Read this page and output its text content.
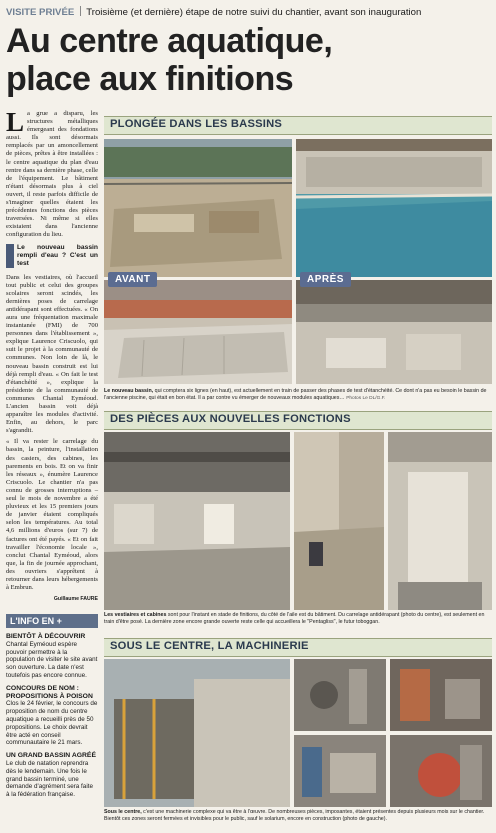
VISITE PRIVÉE Troisième (et dernière) étape de notre suivi du chantier, avant son inauguration
Au centre aquatique,
place aux finitions

La grue a disparu, les structures métalliques émergeant des fondations aussi. Ils sont désormais remplacés par un amoncellement de pièces, prêtes à être installées : le centre aquatique du plan d'eau rentre dans sa dernière phase, celle de l'équipement. Le bâtiment n'étant désormais plus à ciel ouvert, il reste parfois difficile de s'imaginer quelles étaient les précédentes fonctions des pièces traversées. Ni même si elles existaient dans l'ancienne configuration du lieu.

Le nouveau bassin rempli d'eau ? C'est un test

Dans les vestiaires, où l'accueil tout public et celui des groupes scolaires seront scindés, les dernières poses de carrelage antidérapant sont effectuées. « On aura une fréquentation maximale instantanée (FMI) de 700 personnes dans l'établissement », explique Laurence Criscuolo, qui suit le projet à la communauté de communes. Non loin de là, le nouveau bassin construit est lui déjà rempli d'eau. « On fait le test d'étanchéité », explique la présidente de la communauté de communes Chantal Eyméoud. L'ancien bassin voit déjà apparaître les modules d'activité. Enfin, au dehors, le parc s'agrandit.

« Il va rester le carrelage du bassin, la peinture, l'installation des casiers, des cabines, les parements en bois. Et on va finir les réseaux », énumère Laurence Criscuolo. Le chantier n'a pas connu de grosses interruptions – seul le mois de novembre a été pluvieux et les 15 premiers jours de janvier étaient compliqués selon les températures. Au total 4,6 millions d'euros (sur 7) de factures ont été payés. « Et on fait travailler l'économie locale », conclut Chantal Eyméoud, alors que, la fin de journée approchant, des ouvriers s'apprêtent à retourner dans leurs hébergements à Embrun.

Guillaume FAURE
L'INFO EN +
BIENTÔT À DÉCOUVRIR
Chantal Eyméoud espère pouvoir permettre à la population de visiter le site avant son ouverture. La date n'est toutefois pas encore connue.
CONCOURS DE NOM : PROPOSITIONS À POISON
Clos le 24 février, le concours de proposition de nom du centre aquatique a recueilli près de 50 propositions. Le choix devrait être acté en conseil communautaire le 21 mars.
UN GRAND BASSIN AGRÉÉ
Le club de natation reprendra dès le lendemain. Une fois le grand bassin terminé, une demande d'agrément sera faite à la fédération française.
PLONGÉE DANS LES BASSINS
AVANT	APRÈS
Le nouveau bassin, qui comptera six lignes (en haut), est actuellement en train de passer des phases de test d'étanchéité. Ce dont n'a pas eu besoin le bassin de l'ancienne piscine, qui était en bon état. Il a par contre vu émerger de nouveaux modules aquatiques… Photos Le DL/G.F.
DES PIÈCES AUX NOUVELLES FONCTIONS
Les vestiaires et cabines sont pour l'instant en stade de finitions, du côté de l'aile est du bâtiment. Du carrelage antidérapant (photo du centre), est seulement en train d'être posé. La dernière zone encore grande ouverte reste celle qui accueillera le "Pentagliss", le futur toboggan.
SOUS LE CENTRE, LA MACHINERIE
Sous le centre, c'est une machinerie complexe qui va être à l'œuvre. De nombreuses pièces, imposantes, étaient présentes depuis plusieurs mois sur le chantier. Bientôt ces zones seront fermées et invisibles pour le public, sauf le solarium, encore en construction (photo de gauche).
